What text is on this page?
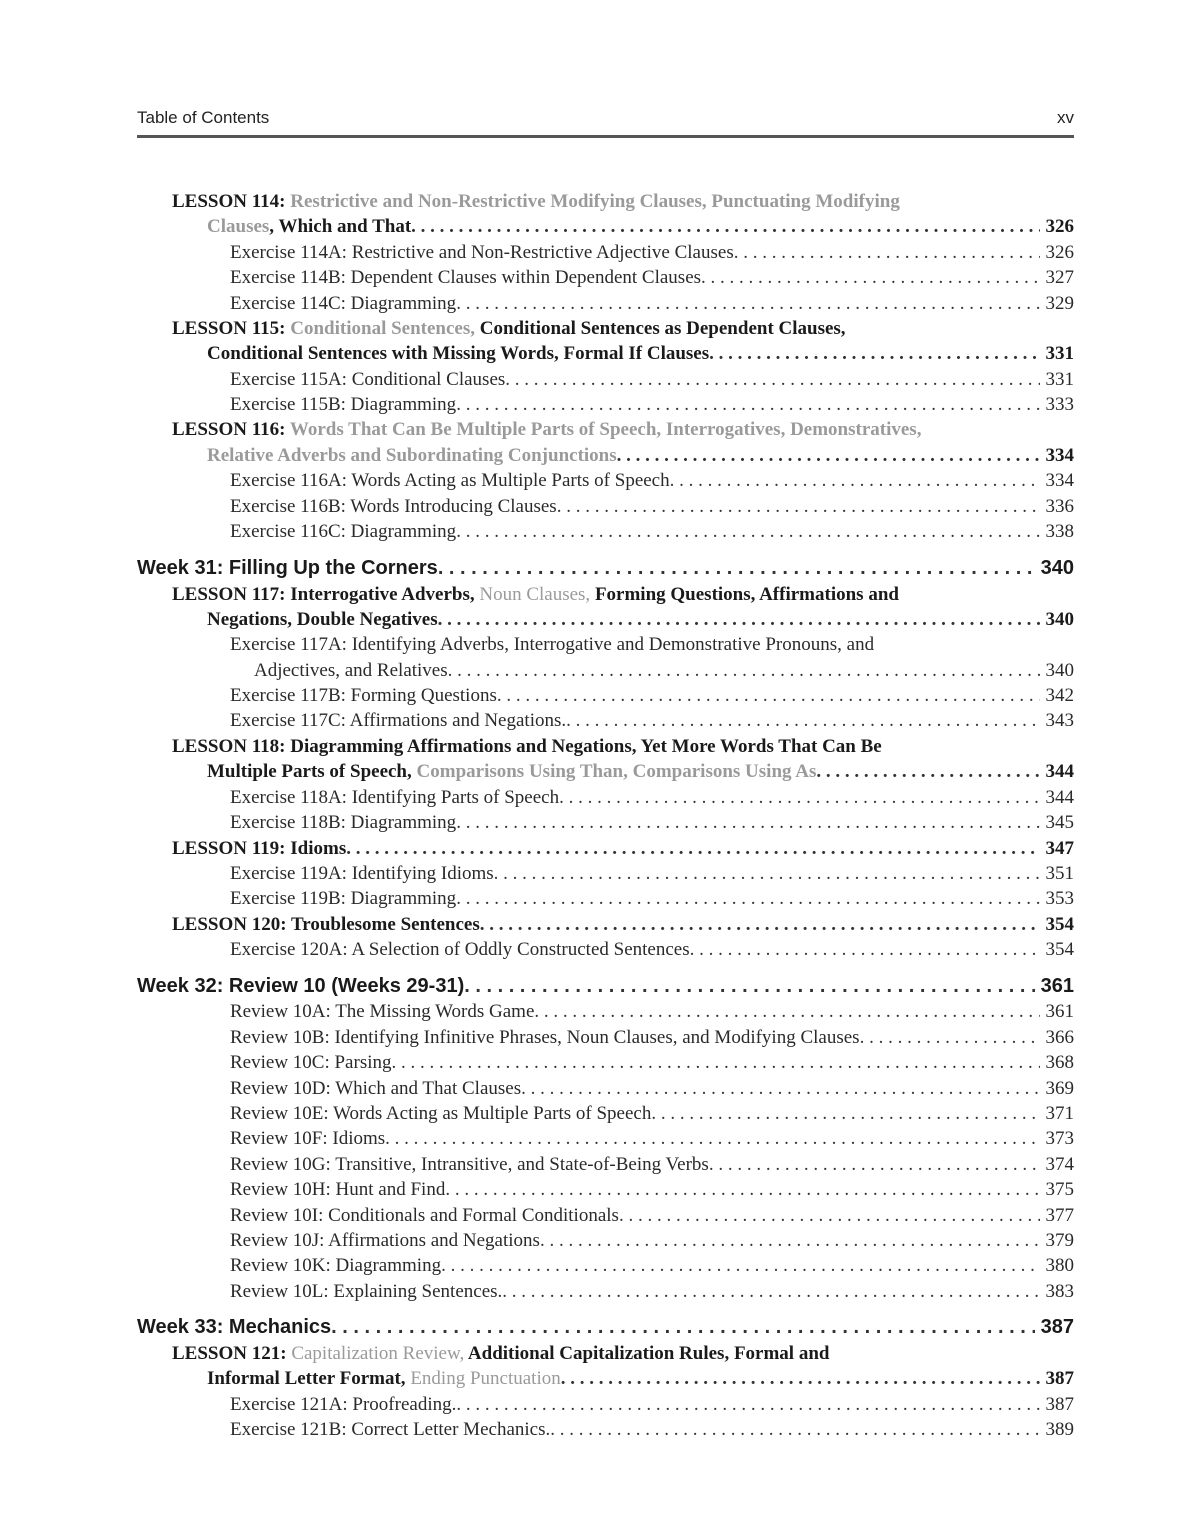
Table of Contents	xv
LESSON 114: Restrictive and Non-Restrictive Modifying Clauses, Punctuating Modifying
Clauses, Which and That . . .	326
Exercise 114A: Restrictive and Non-Restrictive Adjective Clauses . . .	326
Exercise 114B: Dependent Clauses within Dependent Clauses . . .	327
Exercise 114C: Diagramming . . .	329
LESSON 115: Conditional Sentences, Conditional Sentences as Dependent Clauses,
Conditional Sentences with Missing Words, Formal If Clauses . . .	331
Exercise 115A: Conditional Clauses . . .	331
Exercise 115B: Diagramming . . .	333
LESSON 116: Words That Can Be Multiple Parts of Speech, Interrogatives, Demonstratives,
Relative Adverbs and Subordinating Conjunctions . . .	334
Exercise 116A: Words Acting as Multiple Parts of Speech . . .	334
Exercise 116B: Words Introducing Clauses . . .	336
Exercise 116C: Diagramming . . .	338
Week 31: Filling Up the Corners . . .	340
LESSON 117: Interrogative Adverbs, Noun Clauses, Forming Questions, Affirmations and
Negations, Double Negatives . . .	340
Exercise 117A: Identifying Adverbs, Interrogative and Demonstrative Pronouns, and
Adjectives, and Relatives . . .	340
Exercise 117B: Forming Questions . . .	342
Exercise 117C: Affirmations and Negations. . . .	343
LESSON 118: Diagramming Affirmations and Negations, Yet More Words That Can Be
Multiple Parts of Speech, Comparisons Using Than, Comparisons Using As . . .	344
Exercise 118A: Identifying Parts of Speech . . .	344
Exercise 118B: Diagramming . . .	345
LESSON 119: Idioms . . .	347
Exercise 119A: Identifying Idioms . . .	351
Exercise 119B: Diagramming . . .	353
LESSON 120: Troublesome Sentences . . .	354
Exercise 120A: A Selection of Oddly Constructed Sentences . . .	354
Week 32: Review 10 (Weeks 29-31) . . .	361
Review 10A: The Missing Words Game . . .	361
Review 10B: Identifying Infinitive Phrases, Noun Clauses, and Modifying Clauses . . .	366
Review 10C: Parsing . . .	368
Review 10D: Which and That Clauses . . .	369
Review 10E: Words Acting as Multiple Parts of Speech . . .	371
Review 10F: Idioms . . .	373
Review 10G: Transitive, Intransitive, and State-of-Being Verbs . . .	374
Review 10H: Hunt and Find . . .	375
Review 10I: Conditionals and Formal Conditionals . . .	377
Review 10J: Affirmations and Negations . . .	379
Review 10K: Diagramming . . .	380
Review 10L: Explaining Sentences. . . .	383
Week 33: Mechanics . . .	387
LESSON 121: Capitalization Review, Additional Capitalization Rules, Formal and
Informal Letter Format, Ending Punctuation . . .	387
Exercise 121A: Proofreading. . . .	387
Exercise 121B: Correct Letter Mechanics. . . .	389
